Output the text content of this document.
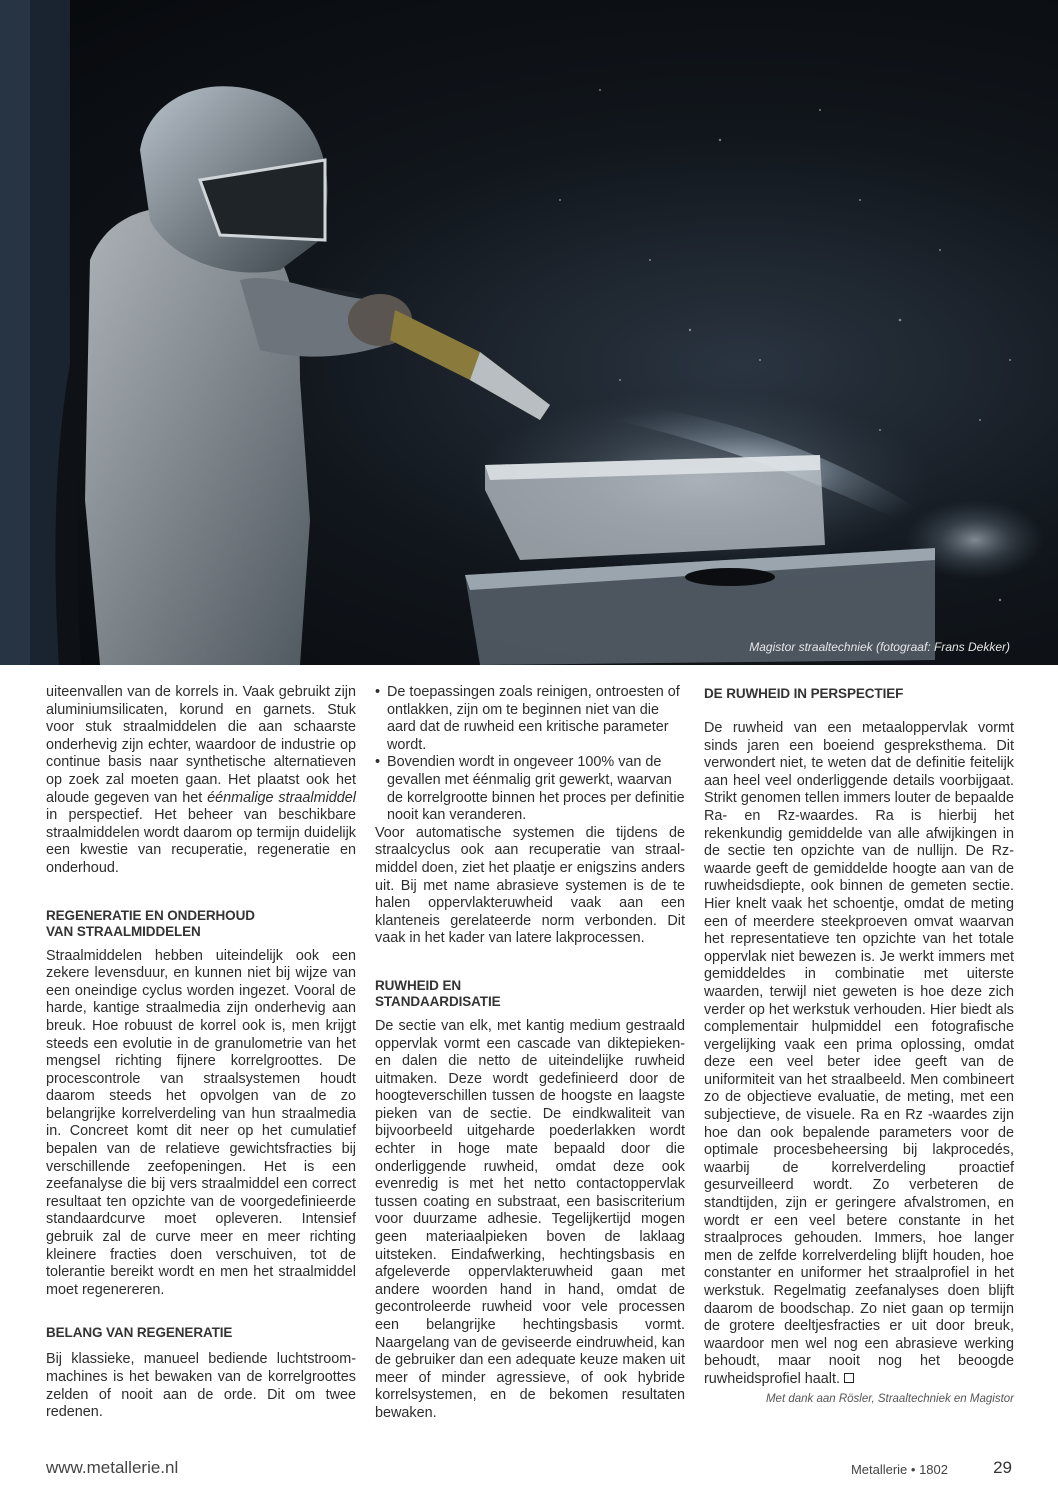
Magistor straaltechniek (fotograaf: Frans Dekker)

uiteenvallen van de korrels in. Vaak gebruikt zijn aluminiumsilicaten, korund en garnets. Stuk voor stuk straalmiddelen die aan schaarste onderhevig zijn echter, waardoor de industrie op continue basis naar synthetische alternatieven op zoek zal moeten gaan. Het plaatst ook het aloude gegeven van het éénmalige straalmiddel in perspectief. Het beheer van beschikbare straalmiddelen wordt daarom op termijn duidelijk een kwestie van recuperatie, regeneratie en onderhoud.

REGENERATIE EN ONDERHOUD
VAN STRAALMIDDELEN

Straalmiddelen hebben uiteindelijk ook een zekere levensduur, en kunnen niet bij wijze van een oneindige cyclus worden ingezet. Vooral de harde, kantige straalmedia zijn onderhevig aan breuk. Hoe robuust de korrel ook is, men krijgt steeds een evolutie in de granulometrie van het mengsel richting fijnere korrelgroottes. De procescontrole van straalsystemen houdt daarom steeds het opvolgen van de zo belangrijke korrelverdeling van hun straalmedia in. Concreet komt dit neer op het cumulatief bepalen van de relatieve gewichtsfracties bij verschillende zeefopeningen. Het is een zeefanalyse die bij vers straalmiddel een correct resultaat ten opzichte van de voorgedefinieerde standaardcurve moet opleveren. Intensief gebruik zal de curve meer en meer richting kleinere fracties doen verschuiven, tot de tolerantie bereikt wordt en men het straalmiddel moet regenereren.

BELANG VAN REGENERATIE

Bij klassieke, manueel bediende luchtstroommachines is het bewaken van de korrelgroottes zelden of nooit aan de orde. Dit om twee redenen.

• De toepassingen zoals reinigen, ontroesten of ontlakken, zijn om te beginnen niet van die aard dat de ruwheid een kritische parameter wordt.
• Bovendien wordt in ongeveer 100% van de gevallen met éénmalig grit gewerkt, waarvan de korrelgrootte binnen het proces per definitie nooit kan veranderen.

Voor automatische systemen die tijdens de straalcyclus ook aan recuperatie van straalmiddel doen, ziet het plaatje er enigszins anders uit. Bij met name abrasieve systemen is de te halen oppervlakteruwheid vaak aan een klanteneis gerelateerde norm verbonden. Dit vaak in het kader van latere lakprocessen.

RUWHEID EN
STANDAARDISATIE

De sectie van elk, met kantig medium gestraald oppervlak vormt een cascade van diktepieken- en dalen die netto de uiteindelijke ruwheid uitmaken. Deze wordt gedefinieerd door de hoogteverschillen tussen de hoogste en laagste pieken van de sectie. De eindkwaliteit van bijvoorbeeld uitgeharde poederlakken wordt echter in hoge mate bepaald door die onderliggende ruwheid, omdat deze ook evenredig is met het netto contactoppervlak tussen coating en substraat, een basiscriterium voor duurzame adhesie. Tegelijkertijd mogen geen materiaalpieken boven de laklaag uitsteken. Eindafwerking, hechtingsbasis en afgeleverde oppervlakteruwheid gaan met andere woorden hand in hand, omdat de gecontroleerde ruwheid voor vele processen een belangrijke hechtingsbasis vormt. Naargelang van de geviseerde eindruwheid, kan de gebruiker dan een adequate keuze maken uit meer of minder agressieve, of ook hybride korrelsystemen, en de bekomen resultaten bewaken.

DE RUWHEID IN PERSPECTIEF

De ruwheid van een metaaloppervlak vormt sinds jaren een boeiend gespreksthema. Dit verwondert niet, te weten dat de definitie feitelijk aan heel veel onderliggende details voorbijgaat. Strikt genomen tellen immers louter de bepaalde Ra- en Rz-waardes. Ra is hierbij het rekenkundig gemiddelde van alle afwijkingen in de sectie ten opzichte van de nullijn. De Rz-waarde geeft de gemiddelde hoogte aan van de ruwheidsdiepte, ook binnen de gemeten sectie. Hier knelt vaak het schoentje, omdat de meting een of meerdere steekproeven omvat waarvan het representatieve ten opzichte van het totale oppervlak niet bewezen is. Je werkt immers met gemiddeldes in combinatie met uiterste waarden, terwijl niet geweten is hoe deze zich verder op het werkstuk verhouden. Hier biedt als complementair hulpmiddel een fotografische vergelijking vaak een prima oplossing, omdat deze een veel beter idee geeft van de uniformiteit van het straalbeeld. Men combineert zo de objectieve evaluatie, de meting, met een subjectieve, de visuele. Ra en Rz -waardes zijn hoe dan ook bepalende parameters voor de optimale procesbeheersing bij lakprocedés, waarbij de korrelverdeling proactief gesurveilleerd wordt. Zo verbeteren de standtijden, zijn er geringere afvalstromen, en wordt er een veel betere constante in het straalproces gehouden. Immers, hoe langer men de zelfde korrelverdeling blijft houden, hoe constanter en uniformer het straalprofiel in het werkstuk. Regelmatig zeefanalyses doen blijft daarom de boodschap. Zo niet gaan op termijn de grotere deeltjesfracties er uit door breuk, waardoor men wel nog een abrasieve werking behoudt, maar nooit nog het beoogde ruwheidsprofiel haalt.

Met dank aan Rösler, Straaltechniek en Magistor
www.metallerie.nl	Metallerie • 1802	29
